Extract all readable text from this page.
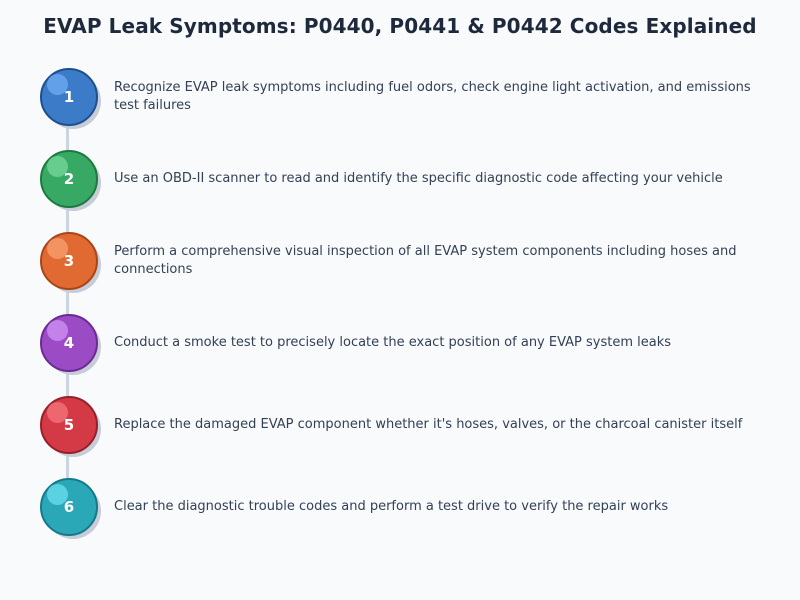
EVAP Leak Symptoms: P0440, P0441 & P0442 Codes Explained
1
Recognize EVAP leak symptoms including fuel odors, check engine light activation, and emissions test failures
2	Use an OBD-II scanner to read and identify the specific diagnostic code affecting your vehicle
3
Perform a comprehensive visual inspection of all EVAP system components including hoses and connections
4	Conduct a smoke test to precisely locate the exact position of any EVAP system leaks
5	Replace the damaged EVAP component whether it's hoses, valves, or the charcoal canister itself
6	Clear the diagnostic trouble codes and perform a test drive to verify the repair works
